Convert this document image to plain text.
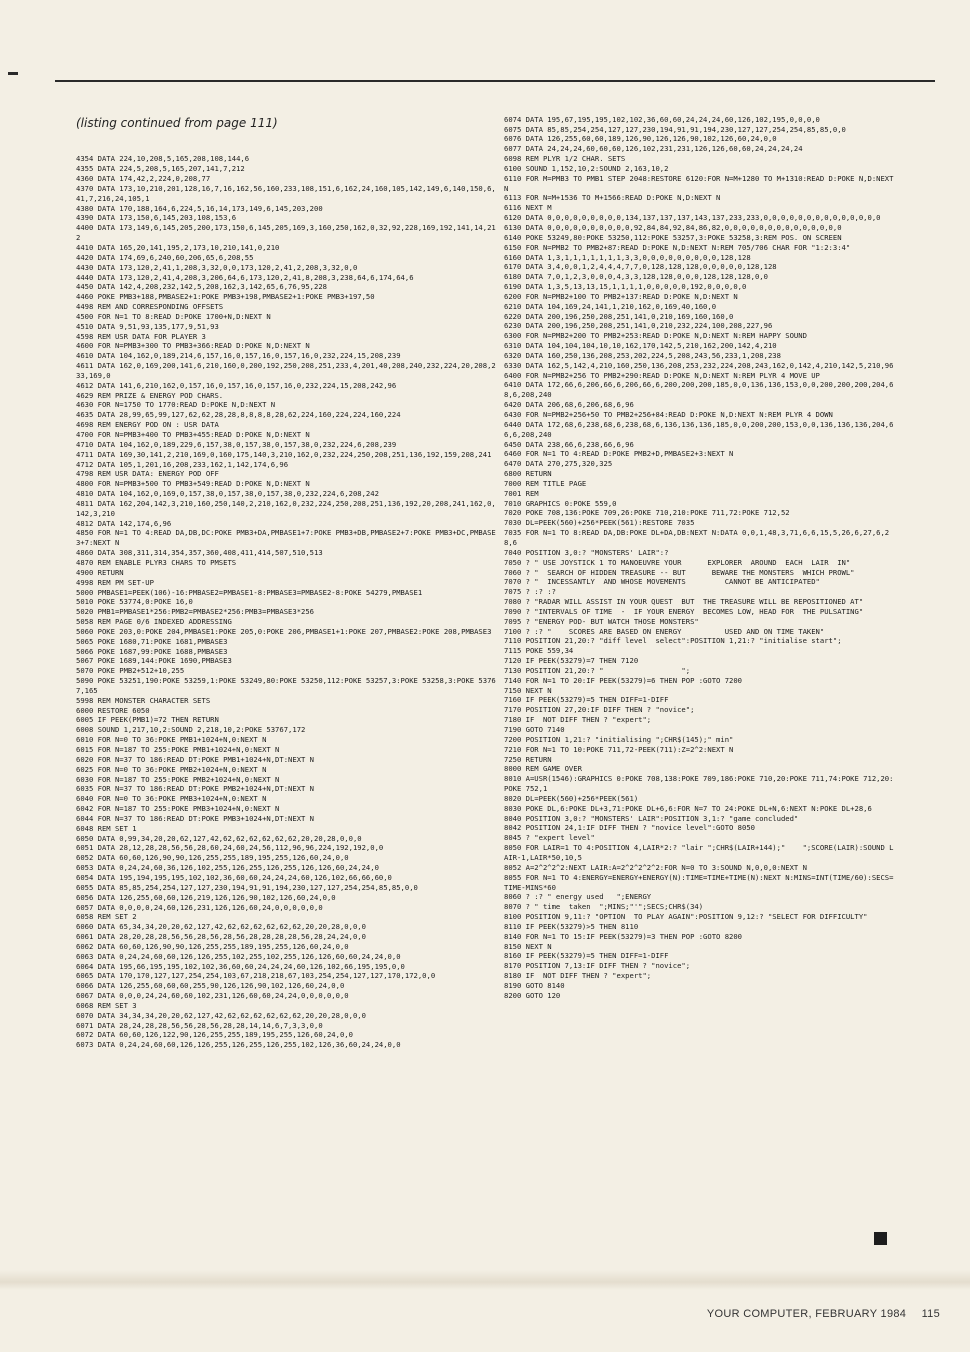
(listing continued from page 111)

4354 DATA 224,10,208,5,165,208,108,144,6
4355 DATA 224,5,208,5,165,207,141,7,212
4360 DATA 174,42,2,224,0,208,77
4370 DATA 173,10,210,201,128,16,7,16,162,56,160,233,108,151,6,162,24,160,105,142,149,6,140,150,6,41,7,216,24,105,1
4380 DATA 170,188,164,6,224,5,16,14,173,149,6,145,203,200
4390 DATA 173,150,6,145,203,108,153,6
4400 DATA 173,149,6,145,205,200,173,150,6,145,205,169,3,160,250,162,0,32,92,228,169,192,141,14,212
4410 DATA 165,20,141,195,2,173,10,210,141,0,210
4420 DATA 174,69,6,240,60,206,65,6,208,55
4430 DATA 173,120,2,41,1,208,3,32,0,0,173,120,2,41,2,208,3,32,0,0
4440 DATA 173,120,2,41,4,208,3,206,64,6,173,120,2,41,8,208,3,238,64,6,174,64,6
4450 DATA 142,4,208,232,142,5,208,162,3,142,65,6,76,95,228
4460 POKE PMB3+188,PMBASE2+1:POKE PMB3+198,PMBASE2+1:POKE PMB3+197,50
4498 REM AND CORRESPONDING OFFSETS
4500 FOR N=1 TO 8:READ D:POKE 1700+N,D:NEXT N
4510 DATA 9,51,93,135,177,9,51,93
4598 REM USR DATA FOR PLAYER 3
4600 FOR N=PMB3+300 TO PMB3+366:READ D:POKE N,D:NEXT N
4610 DATA 104,162,0,189,214,6,157,16,0,157,16,0,157,16,0,232,224,15,208,239
4611 DATA 162,0,169,200,141,6,210,160,0,200,192,250,208,251,233,4,201,40,208,240,232,224,20,208,233,169,0
4612 DATA 141,6,210,162,0,157,16,0,157,16,0,157,16,0,232,224,15,208,242,96
4629 REM PRIZE & ENERGY POD CHARS.
4630 FOR N=1750 TO 1770:READ D:POKE N,D:NEXT N
4635 DATA 28,99,65,99,127,62,62,28,28,8,8,8,8,28,62,224,160,224,224,160,224
4698 REM ENERGY POD ON : USR DATA
4700 FOR N=PMB3+400 TO PMB3+455:READ D:POKE N,D:NEXT N
4710 DATA 104,162,0,189,229,6,157,38,0,157,38,0,157,38,0,232,224,6,208,239
4711 DATA 169,30,141,2,210,169,0,160,175,140,3,210,162,0,232,224,250,208,251,136,192,159,208,241
4712 DATA 105,1,201,16,208,233,162,1,142,174,6,96
4798 REM USR DATA: ENERGY POD OFF
4800 FOR N=PMB3+500 TO PMB3+549:READ D:POKE N,D:NEXT N
4810 DATA 104,162,0,169,0,157,38,0,157,38,0,157,38,0,232,224,6,208,242
4811 DATA 162,204,142,3,210,160,250,140,2,210,162,0,232,224,250,208,251,136,192,20,208,241,162,0,142,3,210
4812 DATA 142,174,6,96
4850 FOR N=1 TO 4:READ DA,DB,DC:POKE PMB3+DA,PMBASE1+7:POKE PMB3+DB,PMBASE2+7:POKE PMB3+DC,PMBASE3+7:NEXT N
4860 DATA 308,311,314,354,357,360,408,411,414,507,510,513
4870 REM ENABLE PLYR3 CHARS TO PMSETS
4900 RETURN
4998 REM PM SET-UP
5000 PMBASE1=PEEK(106)-16:PMBASE2=PMBASE1-8:PMBASE3=PMBASE2-8:POKE 54279,PMBASE1
5010 POKE 53774,0:POKE 16,0
5020 PMB1=PMBASE1*256:PMB2=PMBASE2*256:PMB3=PMBASE3*256
5058 REM PAGE 0/6 INDEXED ADDRESSING
5060 POKE 203,0:POKE 204,PMBASE1:POKE 205,0:POKE 206,PMBASE1+1:POKE 207,PMBASE2:POKE 208,PMBASE3
5065 POKE 1680,71:POKE 1681,PMBASE3
5066 POKE 1687,99:POKE 1688,PMBASE3
5067 POKE 1689,144:POKE 1690,PMBASE3
5070 POKE PMB2+512+10,255
5090 POKE 53251,190:POKE 53259,1:POKE 53249,80:POKE 53250,112:POKE 53257,3:POKE 53258,3:POKE 53767,165
5998 REM MONSTER CHARACTER SETS
6000 RESTORE 6050
6005 IF PEEK(PMB1)=72 THEN RETURN
6008 SOUND 1,217,10,2:SOUND 2,218,10,2:POKE 53767,172
6010 FOR N=0 TO 36:POKE PMB1+1024+N,0:NEXT N
6015 FOR N=187 TO 255:POKE PMB1+1024+N,0:NEXT N
6020 FOR N=37 TO 186:READ DT:POKE PMB1+1024+N,DT:NEXT N
6025 FOR N=0 TO 36:POKE PMB2+1024+N,0:NEXT N
6030 FOR N=187 TO 255:POKE PMB2+1024+N,0:NEXT N
6035 FOR N=37 TO 186:READ DT:POKE PMB2+1024+N,DT:NEXT N
6040 FOR N=0 TO 36:POKE PMB3+1024+N,0:NEXT N
6042 FOR N=187 TO 255:POKE PMB3+1024+N,0:NEXT N
6044 FOR N=37 TO 186:READ DT:POKE PMB3+1024+N,DT:NEXT N
6048 REM SET 1
6050 DATA 0,99,34,20,20,62,127,42,62,62,62,62,62,62,20,20,28,0,0,0
6051 DATA 28,12,28,28,56,56,28,60,24,60,24,56,112,96,96,224,192,192,0,0
6052 DATA 60,60,126,90,90,126,255,255,189,195,255,126,60,24,0,0
6053 DATA 0,24,24,60,36,126,102,255,126,255,126,255,126,126,60,24,24,0
6054 DATA 195,194,195,195,102,102,36,60,60,24,24,24,60,126,102,66,66,60,0
6055 DATA 85,85,254,254,127,127,230,194,91,91,194,230,127,127,254,254,85,85,0,0
6056 DATA 126,255,60,60,126,219,126,126,90,102,126,60,24,0,0
6057 DATA 0,0,0,0,24,60,126,231,126,126,60,24,0,0,0,0,0,0
6058 REM SET 2
6060 DATA 65,34,34,20,20,62,127,42,62,62,62,62,62,62,20,20,28,0,0,0
6061 DATA 28,20,28,28,56,56,28,56,28,56,28,28,28,28,56,28,24,24,0,0
6062 DATA 60,60,126,90,90,126,255,255,189,195,255,126,60,24,0,0
6063 DATA 0,24,24,60,60,126,126,255,102,255,102,255,126,126,60,60,24,24,0,0
6064 DATA 195,66,195,195,102,102,36,60,60,24,24,24,60,126,102,66,195,195,0,0
6065 DATA 170,170,127,127,254,254,103,67,218,218,67,103,254,254,127,127,170,172,0,0
6066 DATA 126,255,60,60,60,255,90,126,126,90,102,126,60,24,0,0
6067 DATA 0,0,0,24,24,60,60,102,231,126,60,60,24,24,0,0,0,0,0,0
6068 REM SET 3
6070 DATA 34,34,34,20,20,62,127,42,62,62,62,62,62,62,20,20,28,0,0,0
6071 DATA 28,24,28,28,56,56,28,56,28,28,14,14,6,7,3,3,0,0
6072 DATA 60,60,126,122,90,126,255,255,189,195,255,126,60,24,0,0
6073 DATA 0,24,24,60,60,126,126,255,126,255,126,255,102,126,36,60,24,24,0,0

6074 DATA 195,67,195,195,102,102,36,60,60,24,24,24,60,126,102,195,0,0,0,0
6075 DATA 85,85,254,254,127,127,230,194,91,91,194,230,127,127,254,254,85,85,0,0
6076 DATA 126,255,60,60,189,126,90,126,126,90,102,126,60,24,0,0
6077 DATA 24,24,24,60,60,60,126,102,231,231,126,126,60,60,24,24,24,24
6098 REM PLYR 1/2 CHAR. SETS
6100 SOUND 1,152,10,2:SOUND 2,163,10,2
6110 FOR M=PMB3 TO PMB1 STEP 2048:RESTORE 6120:FOR N=M+1280 TO M+1310:READ D:POKE N,D:NEXT N
6113 FOR N=M+1536 TO M+1566:READ D:POKE N,D:NEXT N
6116 NEXT M
6120 DATA 0,0,0,0,0,0,0,0,0,134,137,137,137,143,137,233,233,0,0,0,0,0,0,0,0,0,0,0,0,0,0
6130 DATA 0,0,0,0,0,0,0,0,0,0,92,84,84,92,84,86,82,0,0,0,0,0,0,0,0,0,0,0,0,0,0
6140 POKE 53249,80:POKE 53250,112:POKE 53257,3:POKE 53258,3:REM POS. ON SCREEN
6150 FOR N=PMB2 TO PMB2+87:READ D:POKE N,D:NEXT N:REM 705/706 CHAR FOR "1:2:3:4"
6160 DATA 1,3,1,1,1,1,1,1,1,3,3,0,0,0,0,0,0,0,0,0,128,128
6170 DATA 3,4,0,0,1,2,4,4,4,7,7,0,128,128,128,0,0,0,0,0,128,128
6180 DATA 7,0,1,2,3,0,0,0,4,3,3,128,128,0,0,0,128,128,128,0,0
6190 DATA 1,3,5,13,13,15,1,1,1,1,0,0,0,0,0,192,0,0,0,0,0
6200 FOR N=PMB2+100 TO PMB2+137:READ D:POKE N,D:NEXT N
6210 DATA 104,169,24,141,1,210,162,0,169,40,160,0
6220 DATA 200,196,250,208,251,141,0,210,169,160,160,0
6230 DATA 200,196,250,208,251,141,0,210,232,224,100,208,227,96
6300 FOR N=PMB2+200 TO PMB2+253:READ D:POKE N,D:NEXT N:REM HAPPY SOUND
6310 DATA 104,104,104,10,10,162,170,142,5,210,162,200,142,4,210
6320 DATA 160,250,136,208,253,202,224,5,208,243,56,233,1,208,238
6330 DATA 162,5,142,4,210,160,250,136,208,253,232,224,208,243,162,0,142,4,210,142,5,210,96
6400 FOR N=PMB2+256 TO PMB2+290:READ D:POKE N,D:NEXT N:REM PLYR 4 MOVE UP
6410 DATA 172,66,6,206,66,6,206,66,6,200,200,200,185,0,0,136,136,153,0,0,200,200,200,204,68,6,208,240
6420 DATA 206,68,6,206,68,6,96
6430 FOR N=PMB2+256+50 TO PMB2+256+84:READ D:POKE N,D:NEXT N:REM PLYR 4 DOWN
6440 DATA 172,68,6,238,68,6,238,68,6,136,136,136,185,0,0,200,200,153,0,0,136,136,136,204,66,6,208,240
6450 DATA 238,66,6,238,66,6,96
6460 FOR N=1 TO 4:READ D:POKE PMB2+D,PMBASE2+3:NEXT N
6470 DATA 270,275,320,325
6800 RETURN
7000 REM TITLE PAGE
7001 REM
7010 GRAPHICS 0:POKE 559,0
7020 POKE 708,136:POKE 709,26:POKE 710,210:POKE 711,72:POKE 712,52
7030 DL=PEEK(560)+256*PEEK(561):RESTORE 7035
7035 FOR N=1 TO 8:READ DA,DB:POKE DL+DA,DB:NEXT N:DATA 0,0,1,48,3,71,6,6,15,5,26,6,27,6,28,6
7040 POSITION 3,0:? "MONSTERS' LAIR":?
7050 ? " USE JOYSTICK 1 TO MANOEUVRE YOUR      EXPLORER  AROUND  EACH  LAIR  IN"
7060 ? "  SEARCH OF HIDDEN TREASURE -- BUT      BEWARE THE MONSTERS  WHICH PROWL"
7070 ? "  INCESSANTLY  AND WHOSE MOVEMENTS         CANNOT BE ANTICIPATED"
7075 ? :? :?
7080 ? "RADAR WILL ASSIST IN YOUR QUEST  BUT  THE TREASURE WILL BE REPOSITIONED AT"
7090 ? "INTERVALS OF TIME  -  IF YOUR ENERGY  BECOMES LOW, HEAD FOR  THE PULSATING"
7095 ? "ENERGY POD- BUT WATCH THOSE MONSTERS"
7100 ? :? "    SCORES ARE BASED ON ENERGY          USED AND ON TIME TAKEN"
7110 POSITION 21,20:? "diff level  select":POSITION 1,21:? "initialise start";
7115 POKE 559,34
7120 IF PEEK(53279)=7 THEN 7120
7130 POSITION 21,20:? "                  ";
7140 FOR N=1 TO 20:IF PEEK(53279)=6 THEN POP :GOTO 7200
7150 NEXT N
7160 IF PEEK(53279)=5 THEN DIFF=1-DIFF
7170 POSITION 27,20:IF DIFF THEN ? "novice";
7180 IF  NOT DIFF THEN ? "expert";
7190 GOTO 7140
7200 POSITION 1,21:? "initialising ";CHR$(145);" min"
7210 FOR N=1 TO 10:POKE 711,72-PEEK(711):Z=2^2:NEXT N
7250 RETURN
8000 REM GAME OVER
8010 A=USR(1546):GRAPHICS 0:POKE 708,138:POKE 709,186:POKE 710,20:POKE 711,74:POKE 712,20:POKE 752,1
8020 DL=PEEK(560)+256*PEEK(561)
8030 POKE DL,6:POKE DL+3,71:POKE DL+6,6:FOR N=7 TO 24:POKE DL+N,6:NEXT N:POKE DL+28,6
8040 POSITION 3,0:? "MONSTERS' LAIR":POSITION 3,1:? "game concluded"
8042 POSITION 24,1:IF DIFF THEN ? "novice level":GOTO 8050
8045 ? "expert level"
8050 FOR LAIR=1 TO 4:POSITION 4,LAIR*2:? "lair ";CHR$(LAIR+144);"    ";SCORE(LAIR):SOUND LAIR-1,LAIR*50,10,5
8052 A=2^2^2^2:NEXT LAIR:A=2^2^2^2^2:FOR N=0 TO 3:SOUND N,0,0,0:NEXT N
8055 FOR N=1 TO 4:ENERGY=ENERGY+ENERGY(N):TIME=TIME+TIME(N):NEXT N:MINS=INT(TIME/60):SECS=TIME-MINS*60
8060 ? :? " energy used   ";ENERGY
8070 ? " time  taken  ";MINS;"'";SECS;CHR$(34)
8100 POSITION 9,11:? "OPTION  TO PLAY AGAIN":POSITION 9,12:? "SELECT FOR DIFFICULTY"
8110 IF PEEK(53279)>5 THEN 8110
8140 FOR N=1 TO 15:IF PEEK(53279)=3 THEN POP :GOTO 8200
8150 NEXT N
8160 IF PEEK(53279)=5 THEN DIFF=1-DIFF
8170 POSITION 7,13:IF DIFF THEN ? "novice";
8180 IF  NOT DIFF THEN ? "expert";
8190 GOTO 8140
8200 GOTO 120

YOUR COMPUTER, FEBRUARY 1984 115
